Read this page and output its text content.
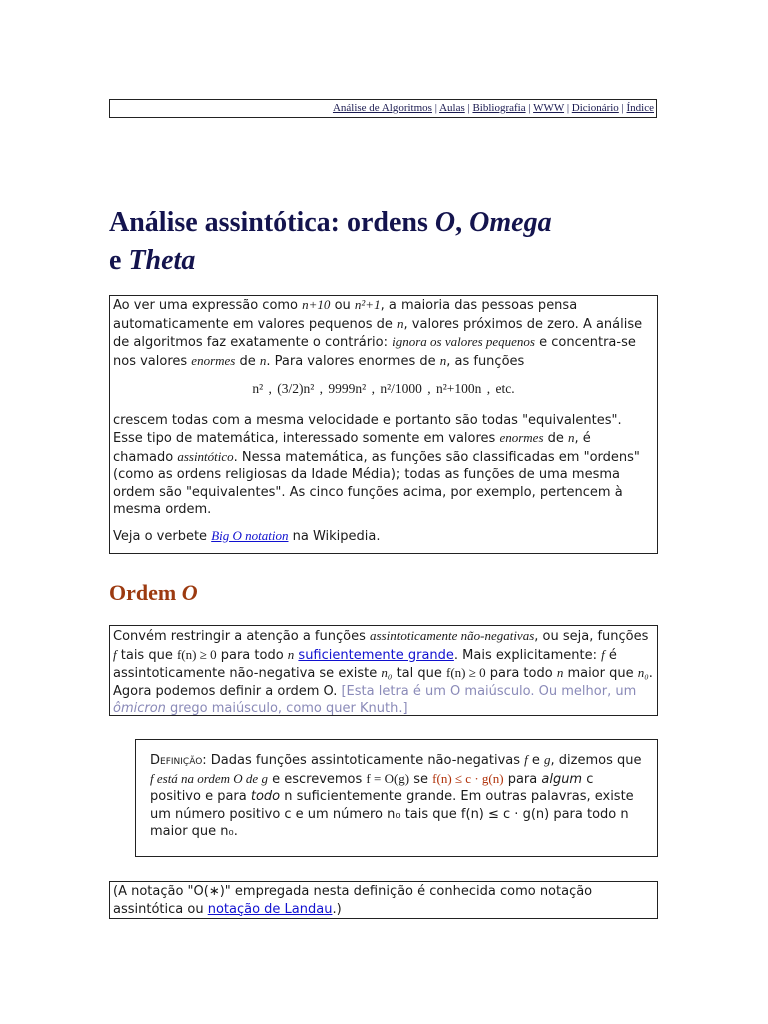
Análise de Algoritmos | Aulas | Bibliografia | WWW | Dicionário | Índice
Análise assintótica: ordens O, Omega
e Theta

Ao ver uma expressão como n+10 ou n²+1, a maioria das pessoas pensa automaticamente em valores pequenos de n, valores próximos de zero. A análise de algoritmos faz exatamente o contrário: ignora os valores pequenos e concentra-se nos valores enormes de n. Para valores enormes de n, as funções

n² , (3/2)n² , 9999n² , n²/1000 , n²+100n , etc.

crescem todas com a mesma velocidade e portanto são todas "equivalentes". Esse tipo de matemática, interessado somente em valores enormes de n, é chamado assintótico. Nessa matemática, as funções são classificadas em "ordens" (como as ordens religiosas da Idade Média); todas as funções de uma mesma ordem são "equivalentes". As cinco funções acima, por exemplo, pertencem à mesma ordem.

Veja o verbete Big O notation na Wikipedia.

Ordem O

Convém restringir a atenção a funções assintoticamente não-negativas, ou seja, funções f tais que f(n) ≥ 0 para todo n suficientemente grande. Mais explicitamente: f é assintoticamente não-negativa se existe n₀ tal que f(n) ≥ 0 para todo n maior que n₀. Agora podemos definir a ordem O. [Esta letra é um O maiúsculo. Ou melhor, um ômicron grego maiúsculo, como quer Knuth.]

Definição: Dadas funções assintoticamente não-negativas f e g, dizemos que f está na ordem O de g e escrevemos f = O(g) se f(n) ≤ c · g(n) para algum c positivo e para todo n suficientemente grande. Em outras palavras, existe um número positivo c e um número n₀ tais que f(n) ≤ c · g(n) para todo n maior que n₀.

(A notação "O(∗)" empregada nesta definição é conhecida como notação assintótica ou notação de Landau.)
